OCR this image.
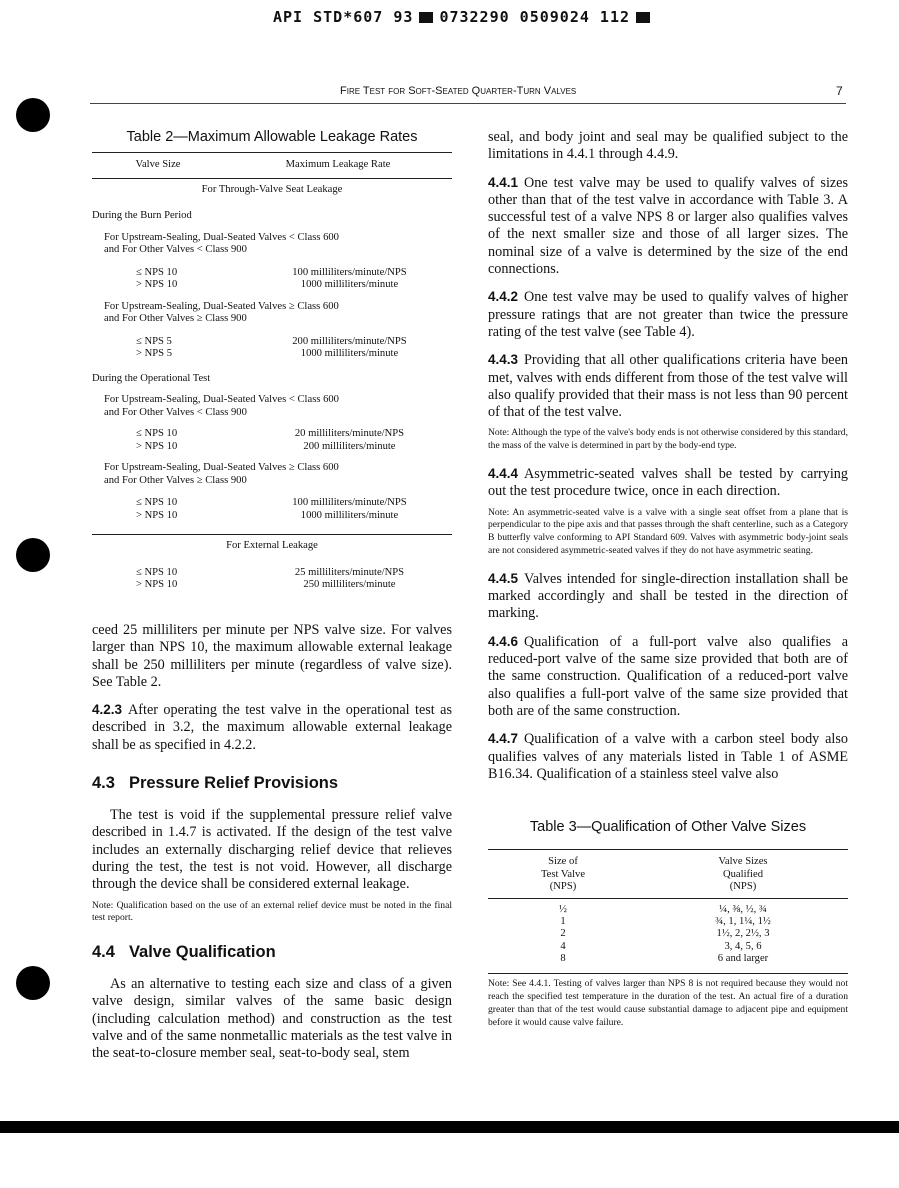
API STD*607 93 0732290 0509024 112
Fire Test for Soft-Seated Quarter-Turn Valves	7
Table 2—Maximum Allowable Leakage Rates
Valve Size	Maximum Leakage Rate
For Through-Valve Seat Leakage
During the Burn Period
For Upstream-Sealing, Dual-Seated Valves < Class 600
and For Other Valves < Class 900
≤ NPS 10	100 milliliters/minute/NPS
> NPS 10	1000 milliliters/minute
For Upstream-Sealing, Dual-Seated Valves ≥ Class 600
and For Other Valves ≥ Class 900
≤ NPS 5	200 milliliters/minute/NPS
> NPS 5	1000 milliliters/minute
During the Operational Test
For Upstream-Sealing, Dual-Seated Valves < Class 600
and For Other Valves < Class 900
≤ NPS 10	20 milliliters/minute/NPS
> NPS 10	200 milliliters/minute
For Upstream-Sealing, Dual-Seated Valves ≥ Class 600
and For Other Valves ≥ Class 900
≤ NPS 10	100 milliliters/minute/NPS
> NPS 10	1000 milliliters/minute
For External Leakage
≤ NPS 10	25 milliliters/minute/NPS
> NPS 10	250 milliliters/minute

ceed 25 milliliters per minute per NPS valve size. For valves larger than NPS 10, the maximum allowable external leakage shall be 250 milliliters per minute (regardless of valve size). See Table 2.

4.2.3 After operating the test valve in the operational test as described in 3.2, the maximum allowable external leakage shall be as specified in 4.2.2.

4.3 Pressure Relief Provisions

The test is void if the supplemental pressure relief valve described in 1.4.7 is activated. If the design of the test valve includes an externally discharging relief device that relieves during the test, the test is not void. However, all discharge through the device shall be considered external leakage.

Note: Qualification based on the use of an external relief device must be noted in the final test report.

4.4 Valve Qualification

As an alternative to testing each size and class of a given valve design, similar valves of the same basic design (including calculation method) and construction as the test valve and of the same nonmetallic materials as the test valve in the seat-to-closure member seal, seat-to-body seal, stem

seal, and body joint and seal may be qualified subject to the limitations in 4.4.1 through 4.4.9.

4.4.1 One test valve may be used to qualify valves of sizes other than that of the test valve in accordance with Table 3. A successful test of a valve NPS 8 or larger also qualifies valves of the next smaller size and those of all larger sizes. The nominal size of a valve is determined by the size of the end connections.

4.4.2 One test valve may be used to qualify valves of higher pressure ratings that are not greater than twice the pressure rating of the test valve (see Table 4).

4.4.3 Providing that all other qualifications criteria have been met, valves with ends different from those of the test valve will also qualify provided that their mass is not less than 90 percent of that of the test valve.

Note: Although the type of the valve's body ends is not otherwise considered by this standard, the mass of the valve is determined in part by the body-end type.

4.4.4 Asymmetric-seated valves shall be tested by carrying out the test procedure twice, once in each direction.

Note: An asymmetric-seated valve is a valve with a single seat offset from a plane that is perpendicular to the pipe axis and that passes through the shaft centerline, such as a Category B butterfly valve conforming to API Standard 609. Valves with asymmetric body-joint seals are not considered asymmetric-seated valves if they do not have asymmetric seating.

4.4.5 Valves intended for single-direction installation shall be marked accordingly and shall be tested in the direction of marking.

4.4.6 Qualification of a full-port valve also qualifies a reduced-port valve of the same size provided that both are of the same construction. Qualification of a reduced-port valve also qualifies a full-port valve of the same size provided that both are of the same construction.

4.4.7 Qualification of a valve with a carbon steel body also qualifies valves of any materials listed in Table 1 of ASME B16.34. Qualification of a stainless steel valve also

Table 3—Qualification of Other Valve Sizes
Size of
Test Valve
(NPS)
Valve Sizes
Qualified
(NPS)
½	¼, ⅜, ½, ¾
1	¾, 1, 1¼, 1½
2	1½, 2, 2½, 3
4	3, 4, 5, 6
8	6 and larger

Note: See 4.4.1. Testing of valves larger than NPS 8 is not required because they would not reach the specified test temperature in the duration of the test. An actual fire of a duration greater than that of the test would cause substantial damage to adjacent pipe and equipment before it would cause valve failure.
